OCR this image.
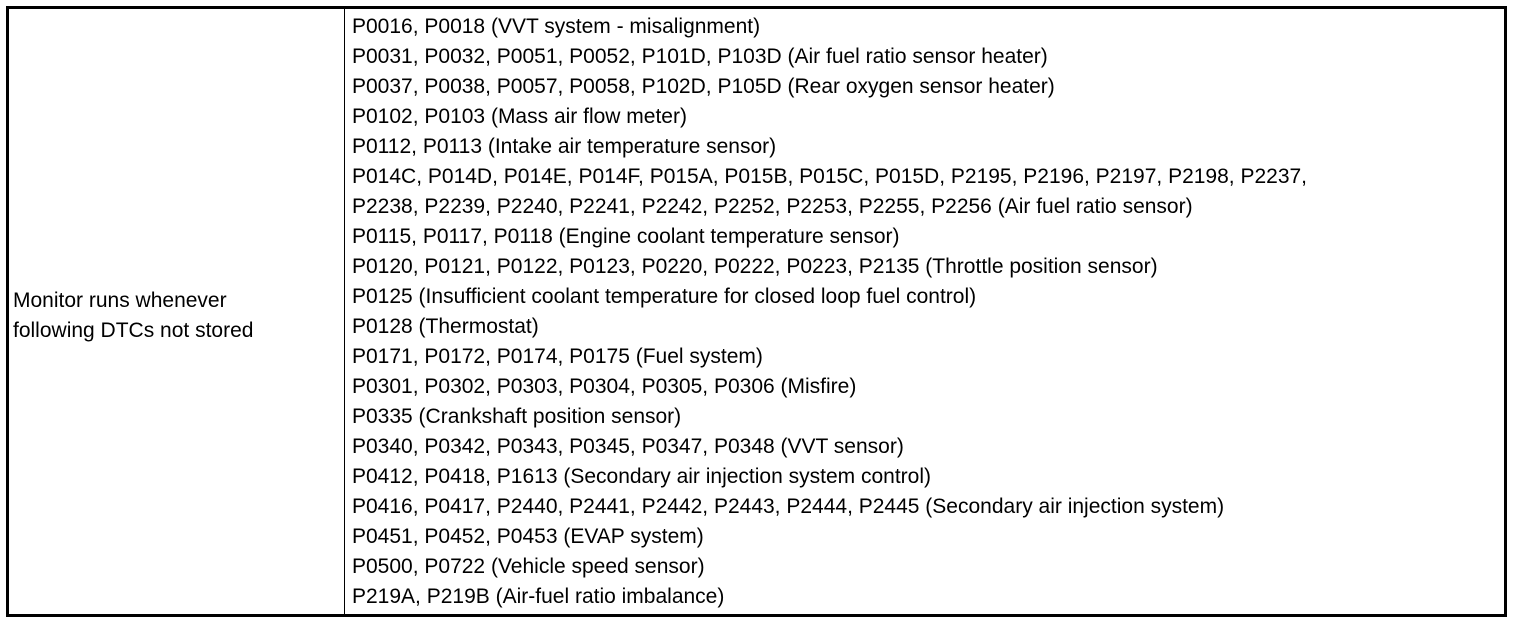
Monitor runs whenever
following DTCs not stored
P0016, P0018 (VVT system - misalignment)
P0031, P0032, P0051, P0052, P101D, P103D (Air fuel ratio sensor heater)
P0037, P0038, P0057, P0058, P102D, P105D (Rear oxygen sensor heater)
P0102, P0103 (Mass air flow meter)
P0112, P0113 (Intake air temperature sensor)
P014C, P014D, P014E, P014F, P015A, P015B, P015C, P015D, P2195, P2196, P2197, P2198, P2237,
P2238, P2239, P2240, P2241, P2242, P2252, P2253, P2255, P2256 (Air fuel ratio sensor)
P0115, P0117, P0118 (Engine coolant temperature sensor)
P0120, P0121, P0122, P0123, P0220, P0222, P0223, P2135 (Throttle position sensor)
P0125 (Insufficient coolant temperature for closed loop fuel control)
P0128 (Thermostat)
P0171, P0172, P0174, P0175 (Fuel system)
P0301, P0302, P0303, P0304, P0305, P0306 (Misfire)
P0335 (Crankshaft position sensor)
P0340, P0342, P0343, P0345, P0347, P0348 (VVT sensor)
P0412, P0418, P1613 (Secondary air injection system control)
P0416, P0417, P2440, P2441, P2442, P2443, P2444, P2445 (Secondary air injection system)
P0451, P0452, P0453 (EVAP system)
P0500, P0722 (Vehicle speed sensor)
P219A, P219B (Air-fuel ratio imbalance)
